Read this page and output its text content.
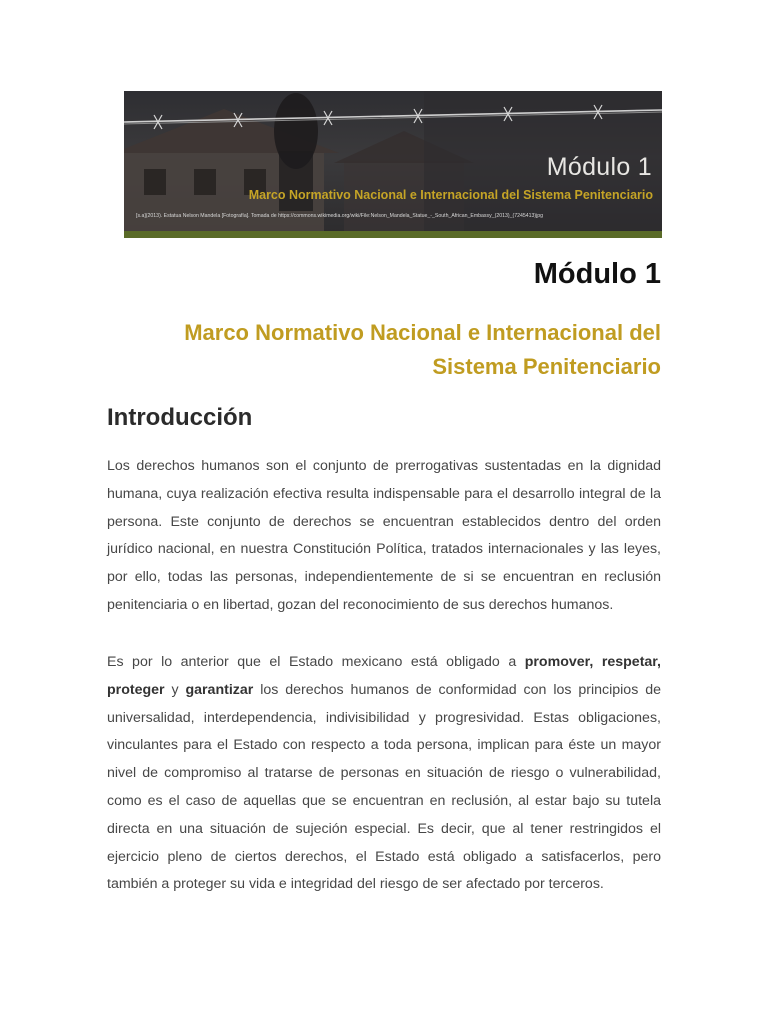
Módulo 1
Marco Normativo Nacional e Internacional del Sistema Penitenciario
[s.a](2013). Estatua Nelson Mandela [Fotografía]. Tomada de https://commons.wikimedia.org/wiki/File:Nelson_Mandela_Statue_-_South_African_Embassy_(2013)_(7245413)jpg
Módulo 1
Marco Normativo Nacional e Internacional del Sistema Penitenciario
Introducción

Los derechos humanos son el conjunto de prerrogativas sustentadas en la dignidad humana, cuya realización efectiva resulta indispensable para el desarrollo integral de la persona. Este conjunto de derechos se encuentran establecidos dentro del orden jurídico nacional, en nuestra Constitución Política, tratados internacionales y las leyes, por ello, todas las personas, independientemente de si se encuentran en reclusión penitenciaria o en libertad, gozan del reconocimiento de sus derechos humanos.

Es por lo anterior que el Estado mexicano está obligado a promover, respetar, proteger y garantizar los derechos humanos de conformidad con los principios de universalidad, interdependencia, indivisibilidad y progresividad. Estas obligaciones, vinculantes para el Estado con respecto a toda persona, implican para éste un mayor nivel de compromiso al tratarse de personas en situación de riesgo o vulnerabilidad, como es el caso de aquellas que se encuentran en reclusión, al estar bajo su tutela directa en una situación de sujeción especial. Es decir, que al tener restringidos el ejercicio pleno de ciertos derechos, el Estado está obligado a satisfacerlos, pero también a proteger su vida e integridad del riesgo de ser afectado por terceros.
